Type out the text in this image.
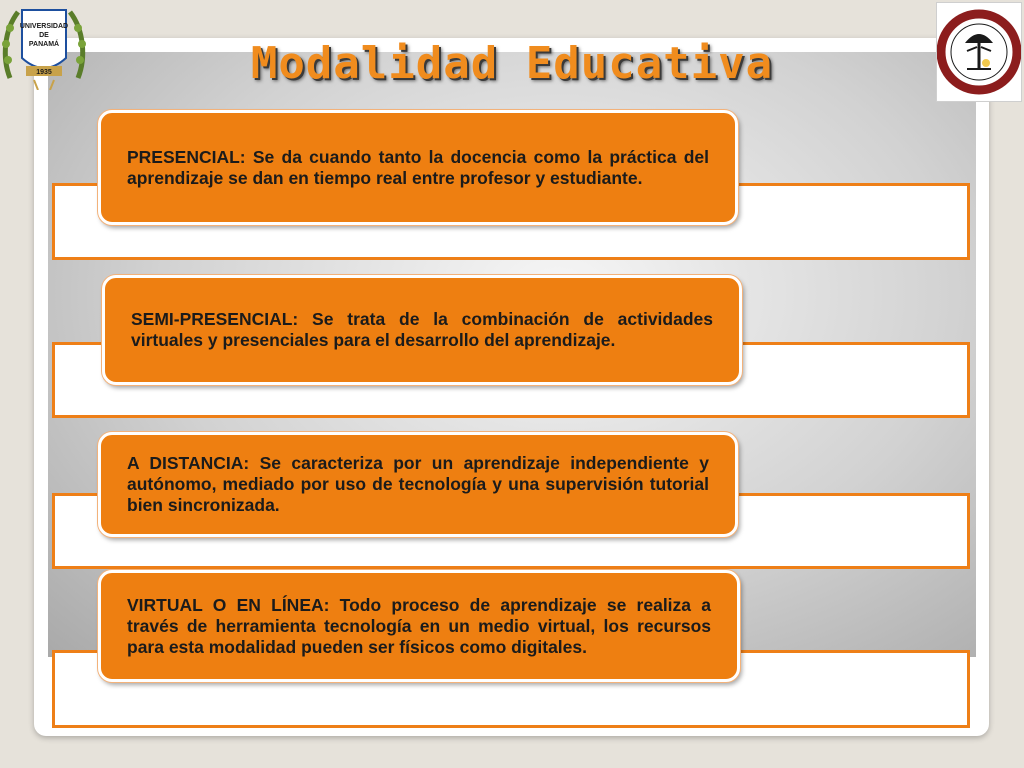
UNIVERSIDAD
DE
PANAMÁ
1935	Modalidad Educativa

PRESENCIAL: Se da cuando tanto la docencia como la práctica del aprendizaje se dan en tiempo real entre profesor y estudiante.

SEMI-PRESENCIAL: Se trata de la combinación de actividades virtuales y presenciales para el desarrollo del aprendizaje.

A DISTANCIA: Se caracteriza por un aprendizaje independiente y autónomo, mediado por uso de tecnología y una supervisión tutorial bien sincronizada.

VIRTUAL O EN LÍNEA: Todo proceso de aprendizaje se realiza a través de herramienta tecnología en un medio virtual, los recursos para esta modalidad pueden ser físicos como digitales.
